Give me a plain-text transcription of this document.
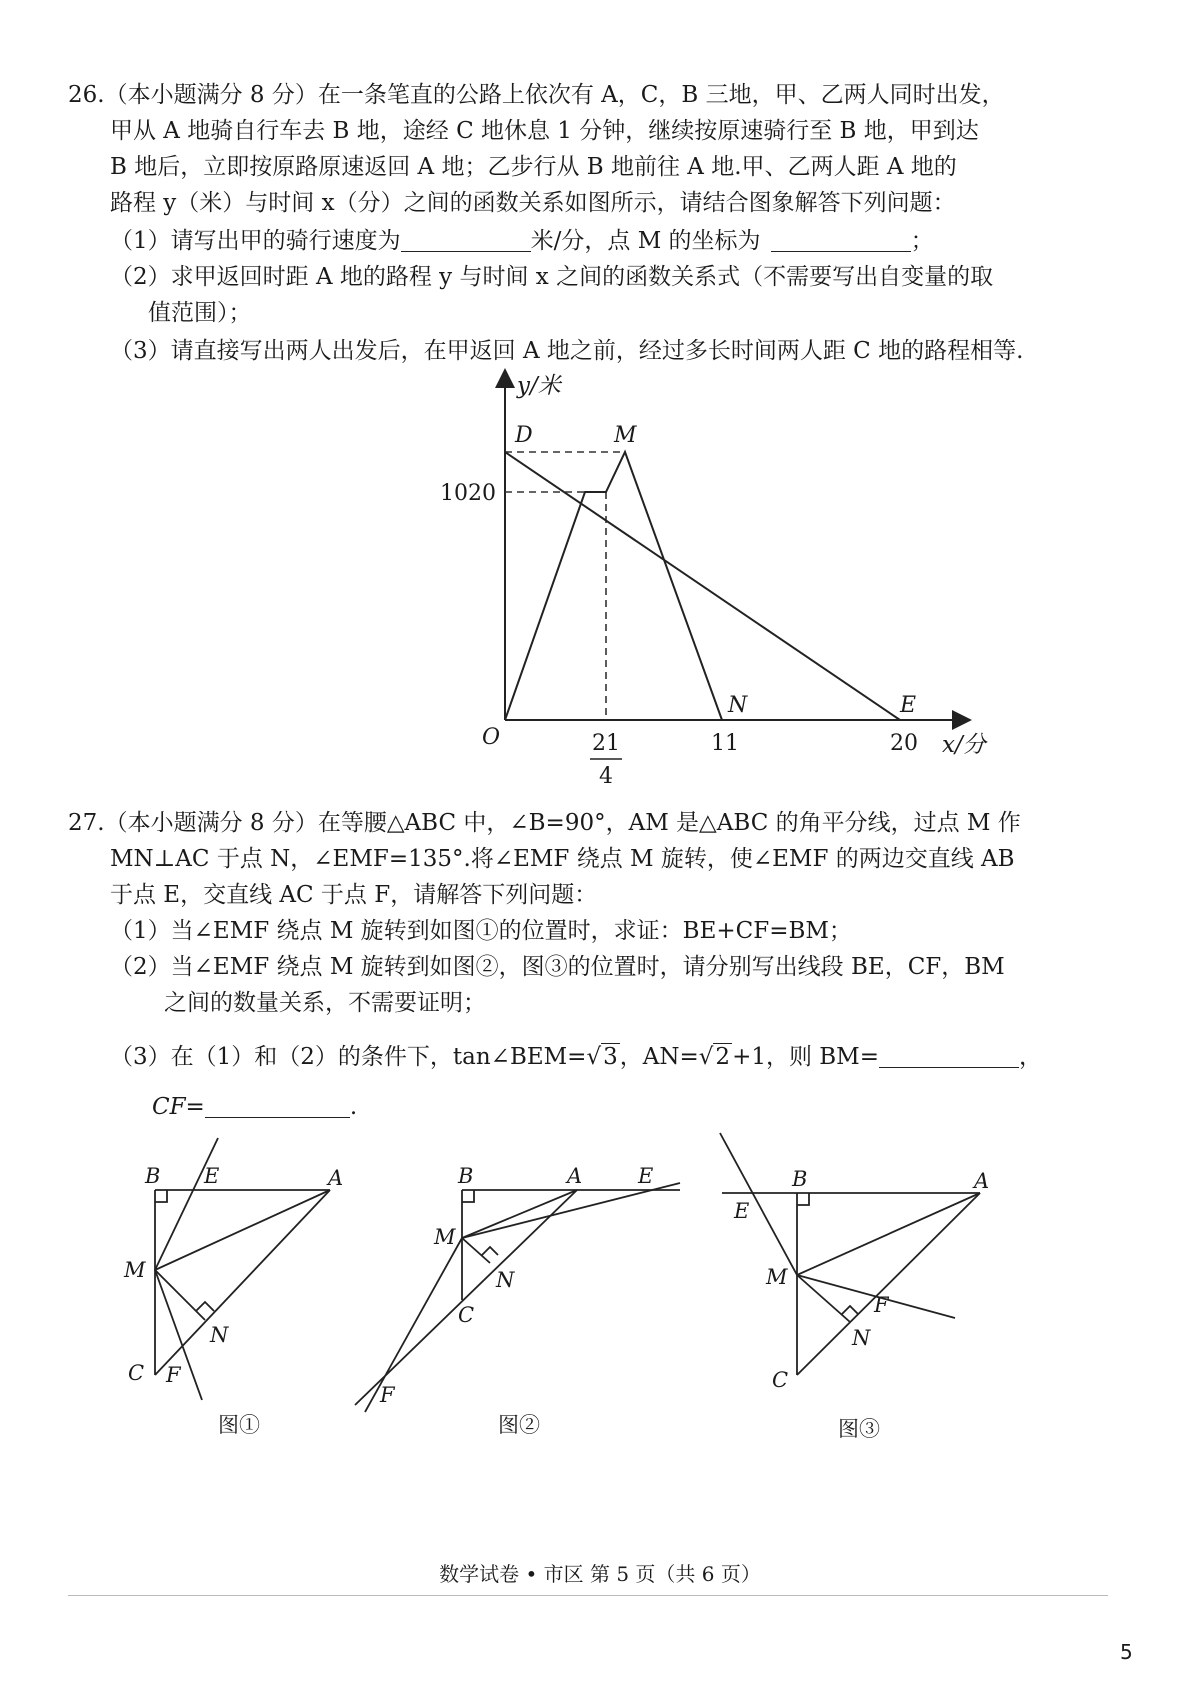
26.（本小题满分 8 分）在一条笔直的公路上依次有 A，C，B 三地，甲、乙两人同时出发，
甲从 A 地骑自行车去 B 地，途经 C 地休息 1 分钟，继续按原速骑行至 B 地，甲到达
B 地后，立即按原路原速返回 A 地；乙步行从 B 地前往 A 地.甲、乙两人距 A 地的
路程 y（米）与时间 x（分）之间的函数关系如图所示，请结合图象解答下列问题：
（1）请写出甲的骑行速度为	米/分，点 M 的坐标为	；
（2）求甲返回时距 A 地的路程 y 与时间 x 之间的函数关系式（不需要写出自变量的取
值范围）；
（3）请直接写出两人出发后，在甲返回 A 地之前，经过多长时间两人距 C 地的路程相等.
y/米
x/分
O
1020
21
4
11	20
D	M
N	E
27.（本小题满分 8 分）在等腰△ABC 中，∠B=90°，AM 是△ABC 的角平分线，过点 M 作
MN⊥AC 于点 N，∠EMF=135°.将∠EMF 绕点 M 旋转，使∠EMF 的两边交直线 AB
于点 E，交直线 AC 于点 F，请解答下列问题：
（1）当∠EMF 绕点 M 旋转到如图①的位置时，求证：BE+CF=BM；
（2）当∠EMF 绕点 M 旋转到如图②，图③的位置时，请分别写出线段 BE，CF，BM
之间的数量关系，不需要证明；
（3）在（1）和（2）的条件下，tan∠BEM=√3，AN=√2+1，则 BM=	，
CF=	.
B E	A
M
N
C F
B	A	E
M
N
C
F
B	A
E
M
F
N
C
图①	图②	图③
数学试卷 • 市区 第 5 页（共 6 页）
5
